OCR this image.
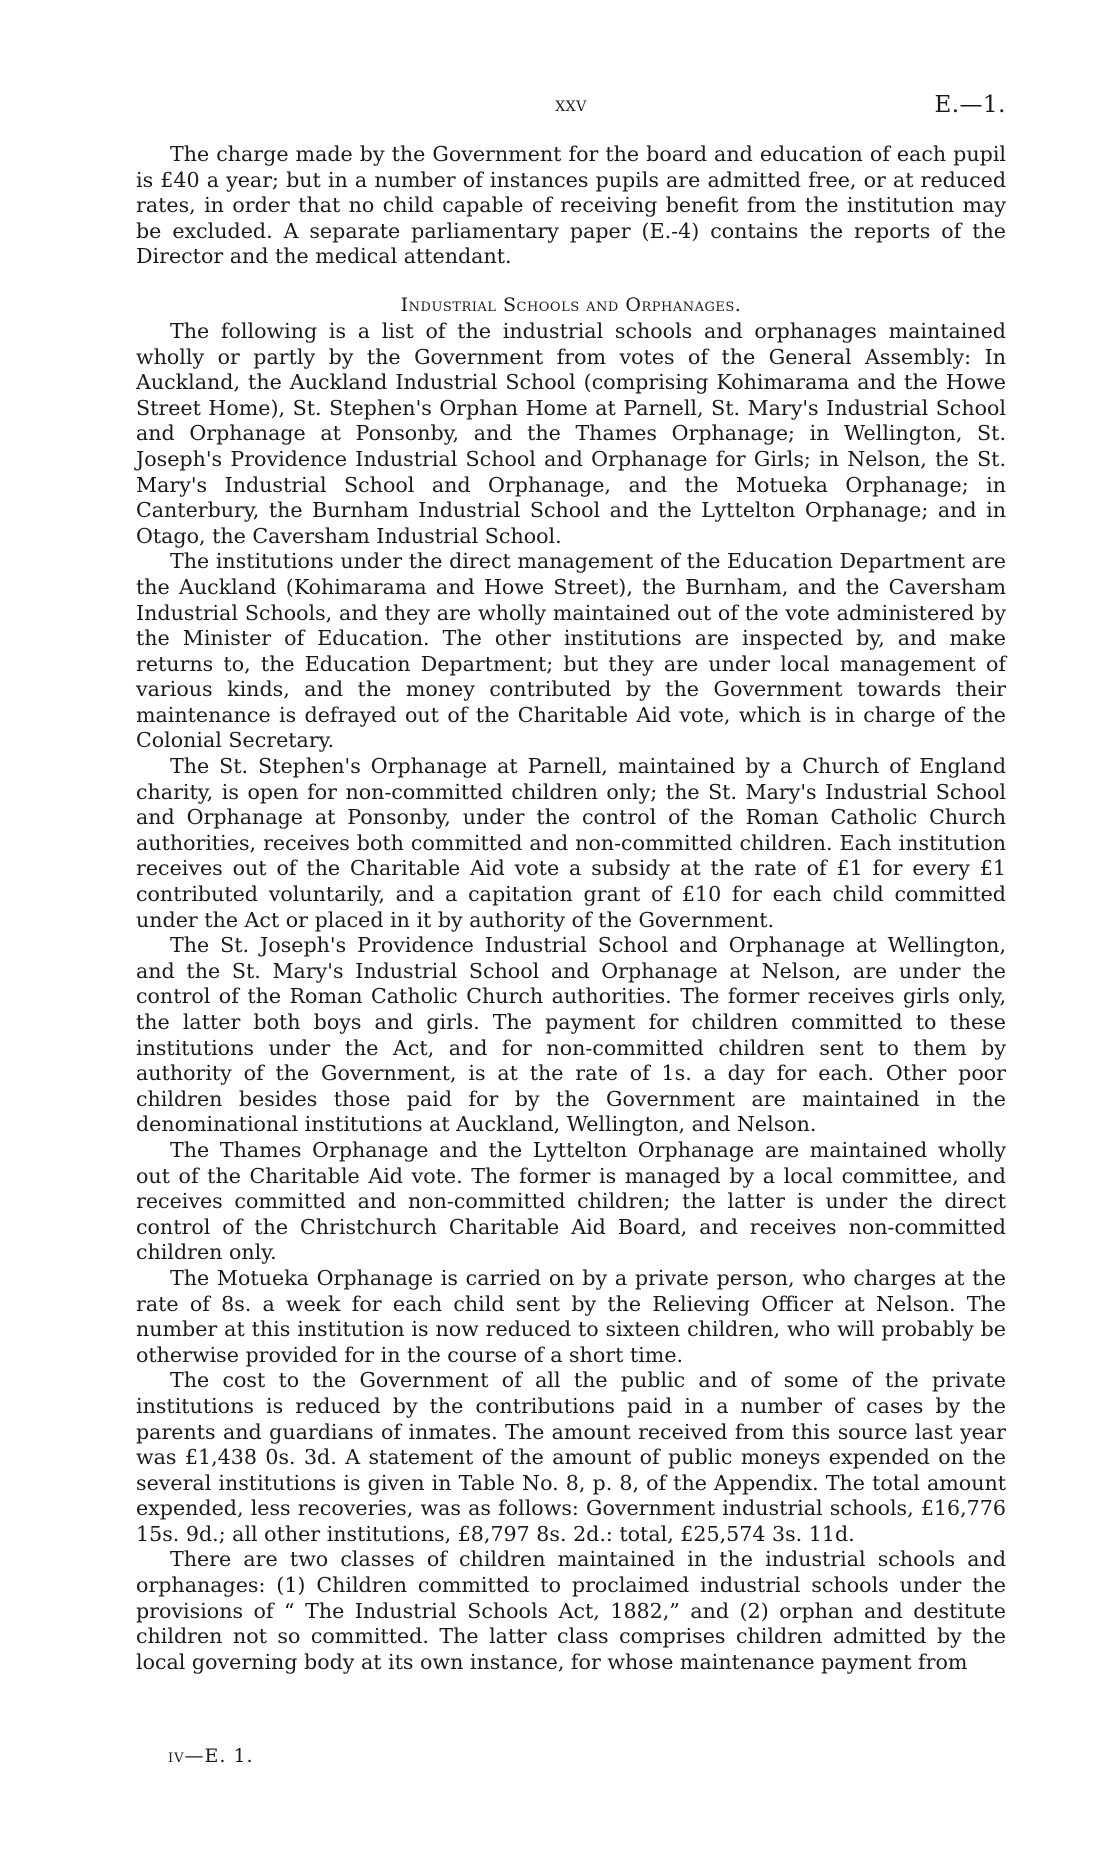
xxv	E.—1.

The charge made by the Government for the board and education of each pupil is £40 a year; but in a number of instances pupils are admitted free, or at reduced rates, in order that no child capable of receiving benefit from the institution may be excluded. A separate parliamentary paper (E.-4) contains the reports of the Director and the medical attendant.

Industrial Schools and Orphanages.

The following is a list of the industrial schools and orphanages maintained wholly or partly by the Government from votes of the General Assembly: In Auckland, the Auckland Industrial School (comprising Kohimarama and the Howe Street Home), St. Stephen's Orphan Home at Parnell, St. Mary's Industrial School and Orphanage at Ponsonby, and the Thames Orphanage; in Wellington, St. Joseph's Providence Industrial School and Orphanage for Girls; in Nelson, the St. Mary's Industrial School and Orphanage, and the Motueka Orphanage; in Canterbury, the Burnham Industrial School and the Lyttelton Orphanage; and in Otago, the Caversham Industrial School.

The institutions under the direct management of the Education Department are the Auckland (Kohimarama and Howe Street), the Burnham, and the Caversham Industrial Schools, and they are wholly maintained out of the vote administered by the Minister of Education. The other institutions are inspected by, and make returns to, the Education Department; but they are under local management of various kinds, and the money contributed by the Government towards their maintenance is defrayed out of the Charitable Aid vote, which is in charge of the Colonial Secretary.

The St. Stephen's Orphanage at Parnell, maintained by a Church of England charity, is open for non-committed children only; the St. Mary's Industrial School and Orphanage at Ponsonby, under the control of the Roman Catholic Church authorities, receives both committed and non-committed children. Each institution receives out of the Charitable Aid vote a subsidy at the rate of £1 for every £1 contributed voluntarily, and a capitation grant of £10 for each child committed under the Act or placed in it by authority of the Government.

The St. Joseph's Providence Industrial School and Orphanage at Wellington, and the St. Mary's Industrial School and Orphanage at Nelson, are under the control of the Roman Catholic Church authorities. The former receives girls only, the latter both boys and girls. The payment for children committed to these institutions under the Act, and for non-committed children sent to them by authority of the Government, is at the rate of 1s. a day for each. Other poor children besides those paid for by the Government are maintained in the denominational institutions at Auckland, Wellington, and Nelson.

The Thames Orphanage and the Lyttelton Orphanage are maintained wholly out of the Charitable Aid vote. The former is managed by a local committee, and receives committed and non-committed children; the latter is under the direct control of the Christchurch Charitable Aid Board, and receives non-committed children only.

The Motueka Orphanage is carried on by a private person, who charges at the rate of 8s. a week for each child sent by the Relieving Officer at Nelson. The number at this institution is now reduced to sixteen children, who will probably be otherwise provided for in the course of a short time.

The cost to the Government of all the public and of some of the private institutions is reduced by the contributions paid in a number of cases by the parents and guardians of inmates. The amount received from this source last year was £1,438 0s. 3d. A statement of the amount of public moneys expended on the several institutions is given in Table No. 8, p. 8, of the Appendix. The total amount expended, less recoveries, was as follows: Government industrial schools, £16,776 15s. 9d.; all other institutions, £8,797 8s. 2d.: total, £25,574 3s. 11d.

There are two classes of children maintained in the industrial schools and orphanages: (1) Children committed to proclaimed industrial schools under the provisions of “ The Industrial Schools Act, 1882,” and (2) orphan and destitute children not so committed. The latter class comprises children admitted by the local governing body at its own instance, for whose maintenance payment from

iv—E. 1.
